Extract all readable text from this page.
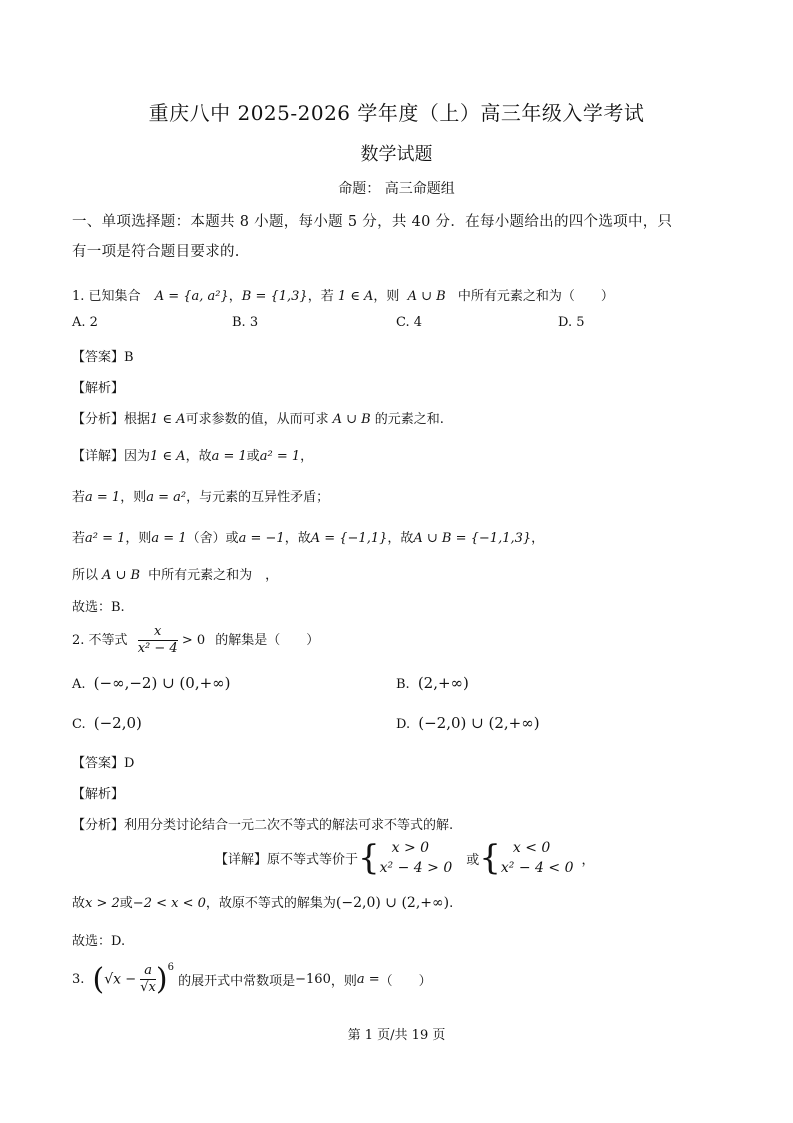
重庆八中 2025-2026 学年度（上）高三年级入学考试
数学试题
命题： 高三命题组
一、单项选择题：本题共 8 小题，每小题 5 分，共 40 分．在每小题给出的四个选项中，只
有一项是符合题目要求的.
1. 已知集合 A = {a, a²}，B = {1,3}，若 1 ∈ A，则 A ∪ B 中所有元素之和为（　　）
A. 2	B. 3	C. 4	D. 5
【答案】B
【解析】
【分析】根据1 ∈ A可求参数的值，从而可求 A ∪ B 的元素之和.
【详解】因为1 ∈ A，故a = 1或a² = 1，
若a = 1，则a = a²，与元素的互异性矛盾；
若a² = 1，则a = 1（舍）或a = −1，故A = {−1,1}，故A ∪ B = {−1,1,3}，
所以 A ∪ B 中所有元素之和为　，
故选：B.
2. 不等式 $\frac{x}{\text{x² − 4}} > 0$ 的解集是（　　）
A. (−∞,−2) ∪ (0,+∞)	B. (2,+∞)
C. (−2,0)	D. (−2,0) ∪ (2,+∞)
【答案】D
【解析】
【分析】利用分类讨论结合一元二次不等式的解法可求不等式的解.
【详解】原不等式等价于{ x > 0
x² − 4 > 0 或{ x < 0
x² − 4 < 0 ，
故x > 2或−2 < x < 0，故原不等式的解集为(−2,0) ∪ (2,+∞).
故选：D.
3. $(√x - \frac{a}{√x} )^6$ 的展开式中常数项是−160，则a =（　　）
第 1 页/共 19 页
